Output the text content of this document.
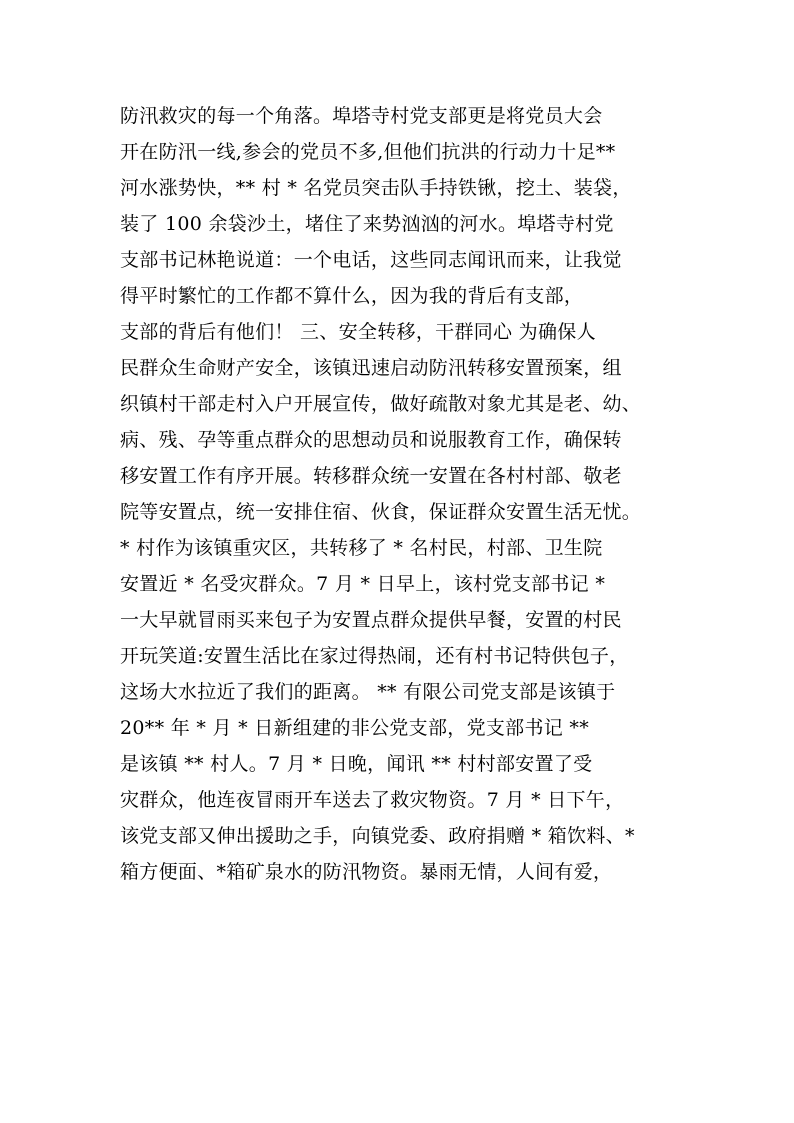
防汛救灾的每一个角落。埠塔寺村党支部更是将党员大会
开在防汛一线,参会的党员不多,但他们抗洪的行动力十足**
河水涨势快，** 村 * 名党员突击队手持铁锹，挖土、装袋，
装了 100 余袋沙土，堵住了来势汹汹的河水。埠塔寺村党
支部书记林艳说道：一个电话，这些同志闻讯而来，让我觉
得平时繁忙的工作都不算什么，因为我的背后有支部，
支部的背后有他们！ 三、安全转移，干群同心 为确保人
民群众生命财产安全，该镇迅速启动防汛转移安置预案，组
织镇村干部走村入户开展宣传，做好疏散对象尤其是老、幼、
病、残、孕等重点群众的思想动员和说服教育工作，确保转
移安置工作有序开展。转移群众统一安置在各村村部、敬老
院等安置点，统一安排住宿、伙食，保证群众安置生活无忧。
* 村作为该镇重灾区，共转移了 * 名村民，村部、卫生院
安置近 * 名受灾群众。7 月 * 日早上，该村党支部书记 *
一大早就冒雨买来包子为安置点群众提供早餐，安置的村民
开玩笑道:安置生活比在家过得热闹，还有村书记特供包子，
这场大水拉近了我们的距离。 ** 有限公司党支部是该镇于
20** 年 * 月 * 日新组建的非公党支部，党支部书记 **
是该镇 ** 村人。7 月 * 日晚，闻讯 ** 村村部安置了受
灾群众，他连夜冒雨开车送去了救灾物资。7 月 * 日下午，
该党支部又伸出援助之手，向镇党委、政府捐赠 * 箱饮料、*
箱方便面、*箱矿泉水的防汛物资。暴雨无情，人间有爱，
